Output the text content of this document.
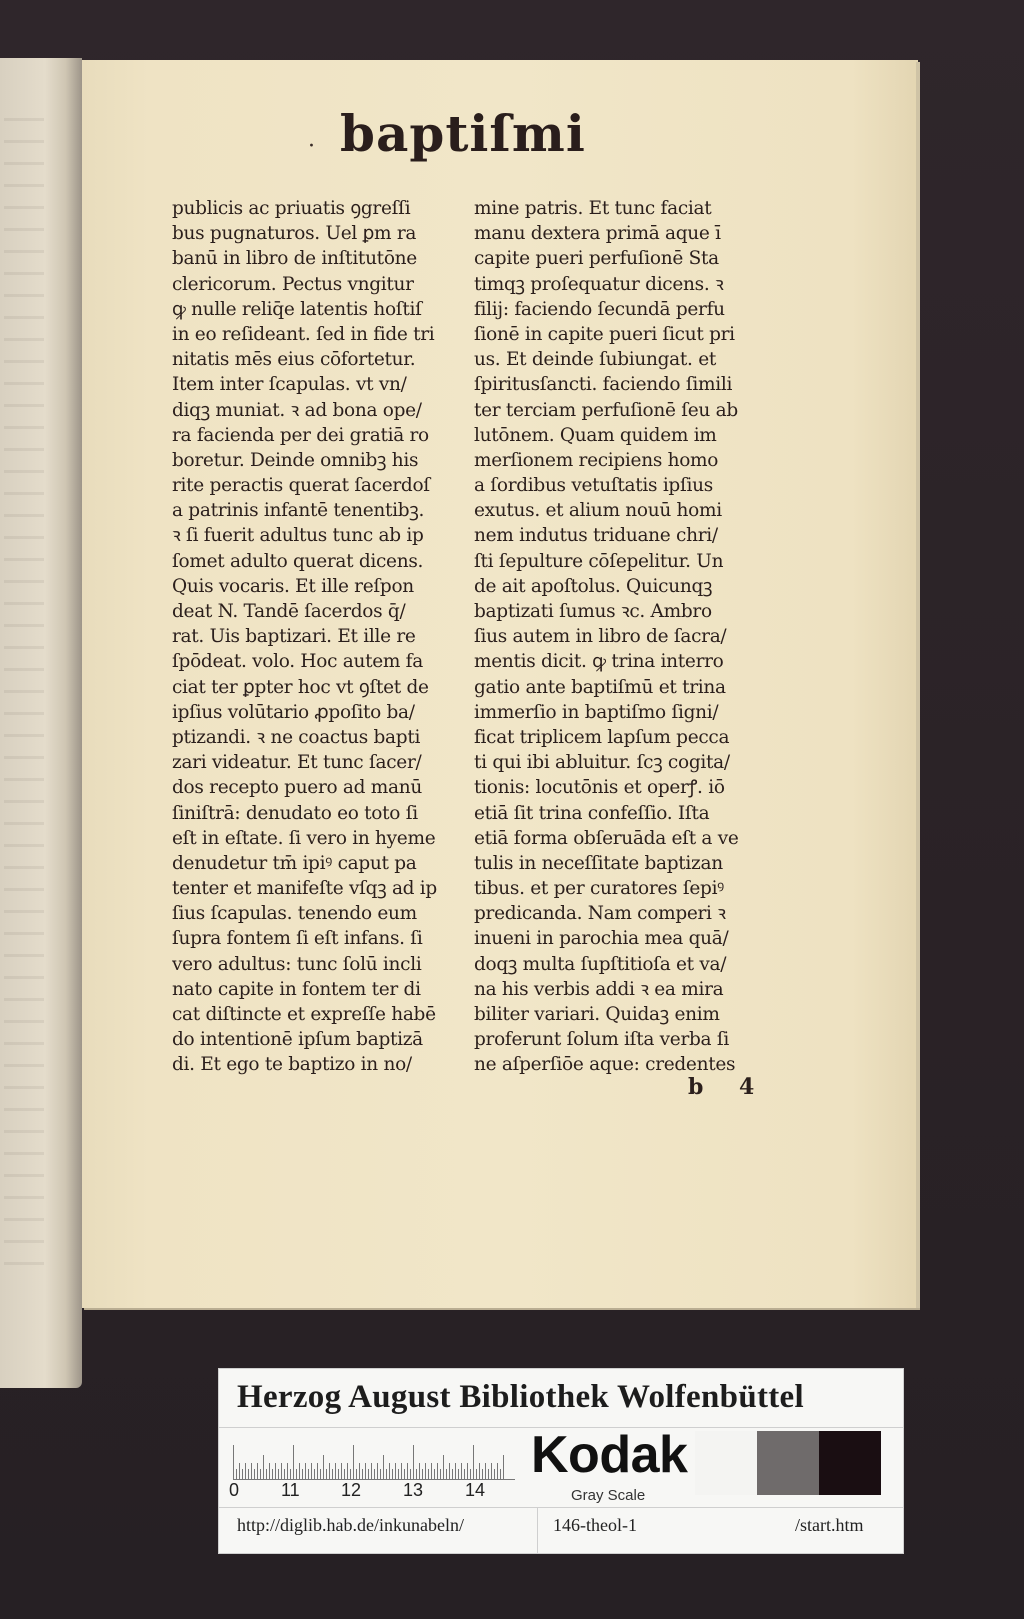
· baptiſmi
publicis ac priuatis ꝯgreſſi
bus pugnaturos. Uel ꝑm ra
banū in libro de inſtitutōne
clericorum. Pectus vngitur
ꝙ nulle reliq̄e latentis hoſtiſ
in eo reſideant. ſed in fide tri
nitatis mēs eius cōfortetur.
Item inter ſcapulas. vt vn/
diqꝫ muniat. ꝛ ad bona ope/
ra facienda per dei gratiā ro
boretur. Deinde omnibꝫ his
rite peractis querat ſacerdoſ
a patrinis infantē tenentibꝫ.
ꝛ ſi fuerit adultus tunc ab ip
ſomet adulto querat dicens.
Quis vocaris. Et ille reſpon
deat N. Tandē ſacerdos q̄/
rat. Uis baptizari. Et ille re
ſpōdeat. volo. Hoc autem fa
ciat ter ꝑpter hoc vt ꝯſtet de
ipſius volūtario ꝓpoſito ba/
ptizandi. ꝛ ne coactus bapti
zari videatur. Et tunc ſacer/
dos recepto puero ad manū
ſiniſtrā: denudato eo toto ſi
eſt in eſtate. ſi vero in hyeme
denudetur tm̄ ipiꝰ caput pa
tenter et manifeſte vſqꝫ ad ip
ſius ſcapulas. tenendo eum
ſupra fontem ſi eſt infans. ſi
vero adultus: tunc ſolū incli
nato capite in fontem ter di
cat diſtincte et expreſſe habē
do intentionē ipſum baptizā
di. Et ego te baptizo in no/
mine patris. Et tunc faciat
manu dextera primā aque ī
capite pueri perfuſionē Sta
timqꝫ proſequatur dicens. ꝛ
filij: faciendo ſecundā perfu
ſionē in capite pueri ſicut pri
us. Et deinde ſubiungat. et
ſpiritusſancti. faciendo ſimili
ter terciam perfuſionē ſeu ab
lutōnem. Quam quidem im
merſionem recipiens homo
a ſordibus vetuſtatis ipſius
exutus. et alium nouū homi
nem indutus triduane chri/
ſti ſepulture cōſepelitur. Un
de ait apoſtolus. Quicunqꝫ
baptizati ſumus ꝛc. Ambro
ſius autem in libro de ſacra/
mentis dicit. ꝙ trina interro
gatio ante baptiſmū et trina
immerſio in baptiſmo ſigni/
ficat triplicem lapſum pecca
ti qui ibi abluitur. ſcꝫ cogita/
tionis: locutōnis et operꝭ. iō
etiā ſit trina confeſſio. Iſta
etiā forma obſeruāda eſt a ve
tulis in neceſſitate baptizan
tibus. et per curatores ſepiꝰ
predicanda. Nam comperi ꝛ
inueni in parochia mea quā/
doqꝫ multa ſupſtitioſa et va/
na his verbis addi ꝛ ea mira
biliter variari. Quidaꝫ enim
proferunt ſolum iſta verba ſi
ne aſperſiōe aque: credentes
b 4
Herzog August Bibliothek Wolfenbüttel
0 11 12 13 14
Kodak
Gray Scale
http://diglib.hab.de/inkunabeln/	146-theol-1	/start.htm
